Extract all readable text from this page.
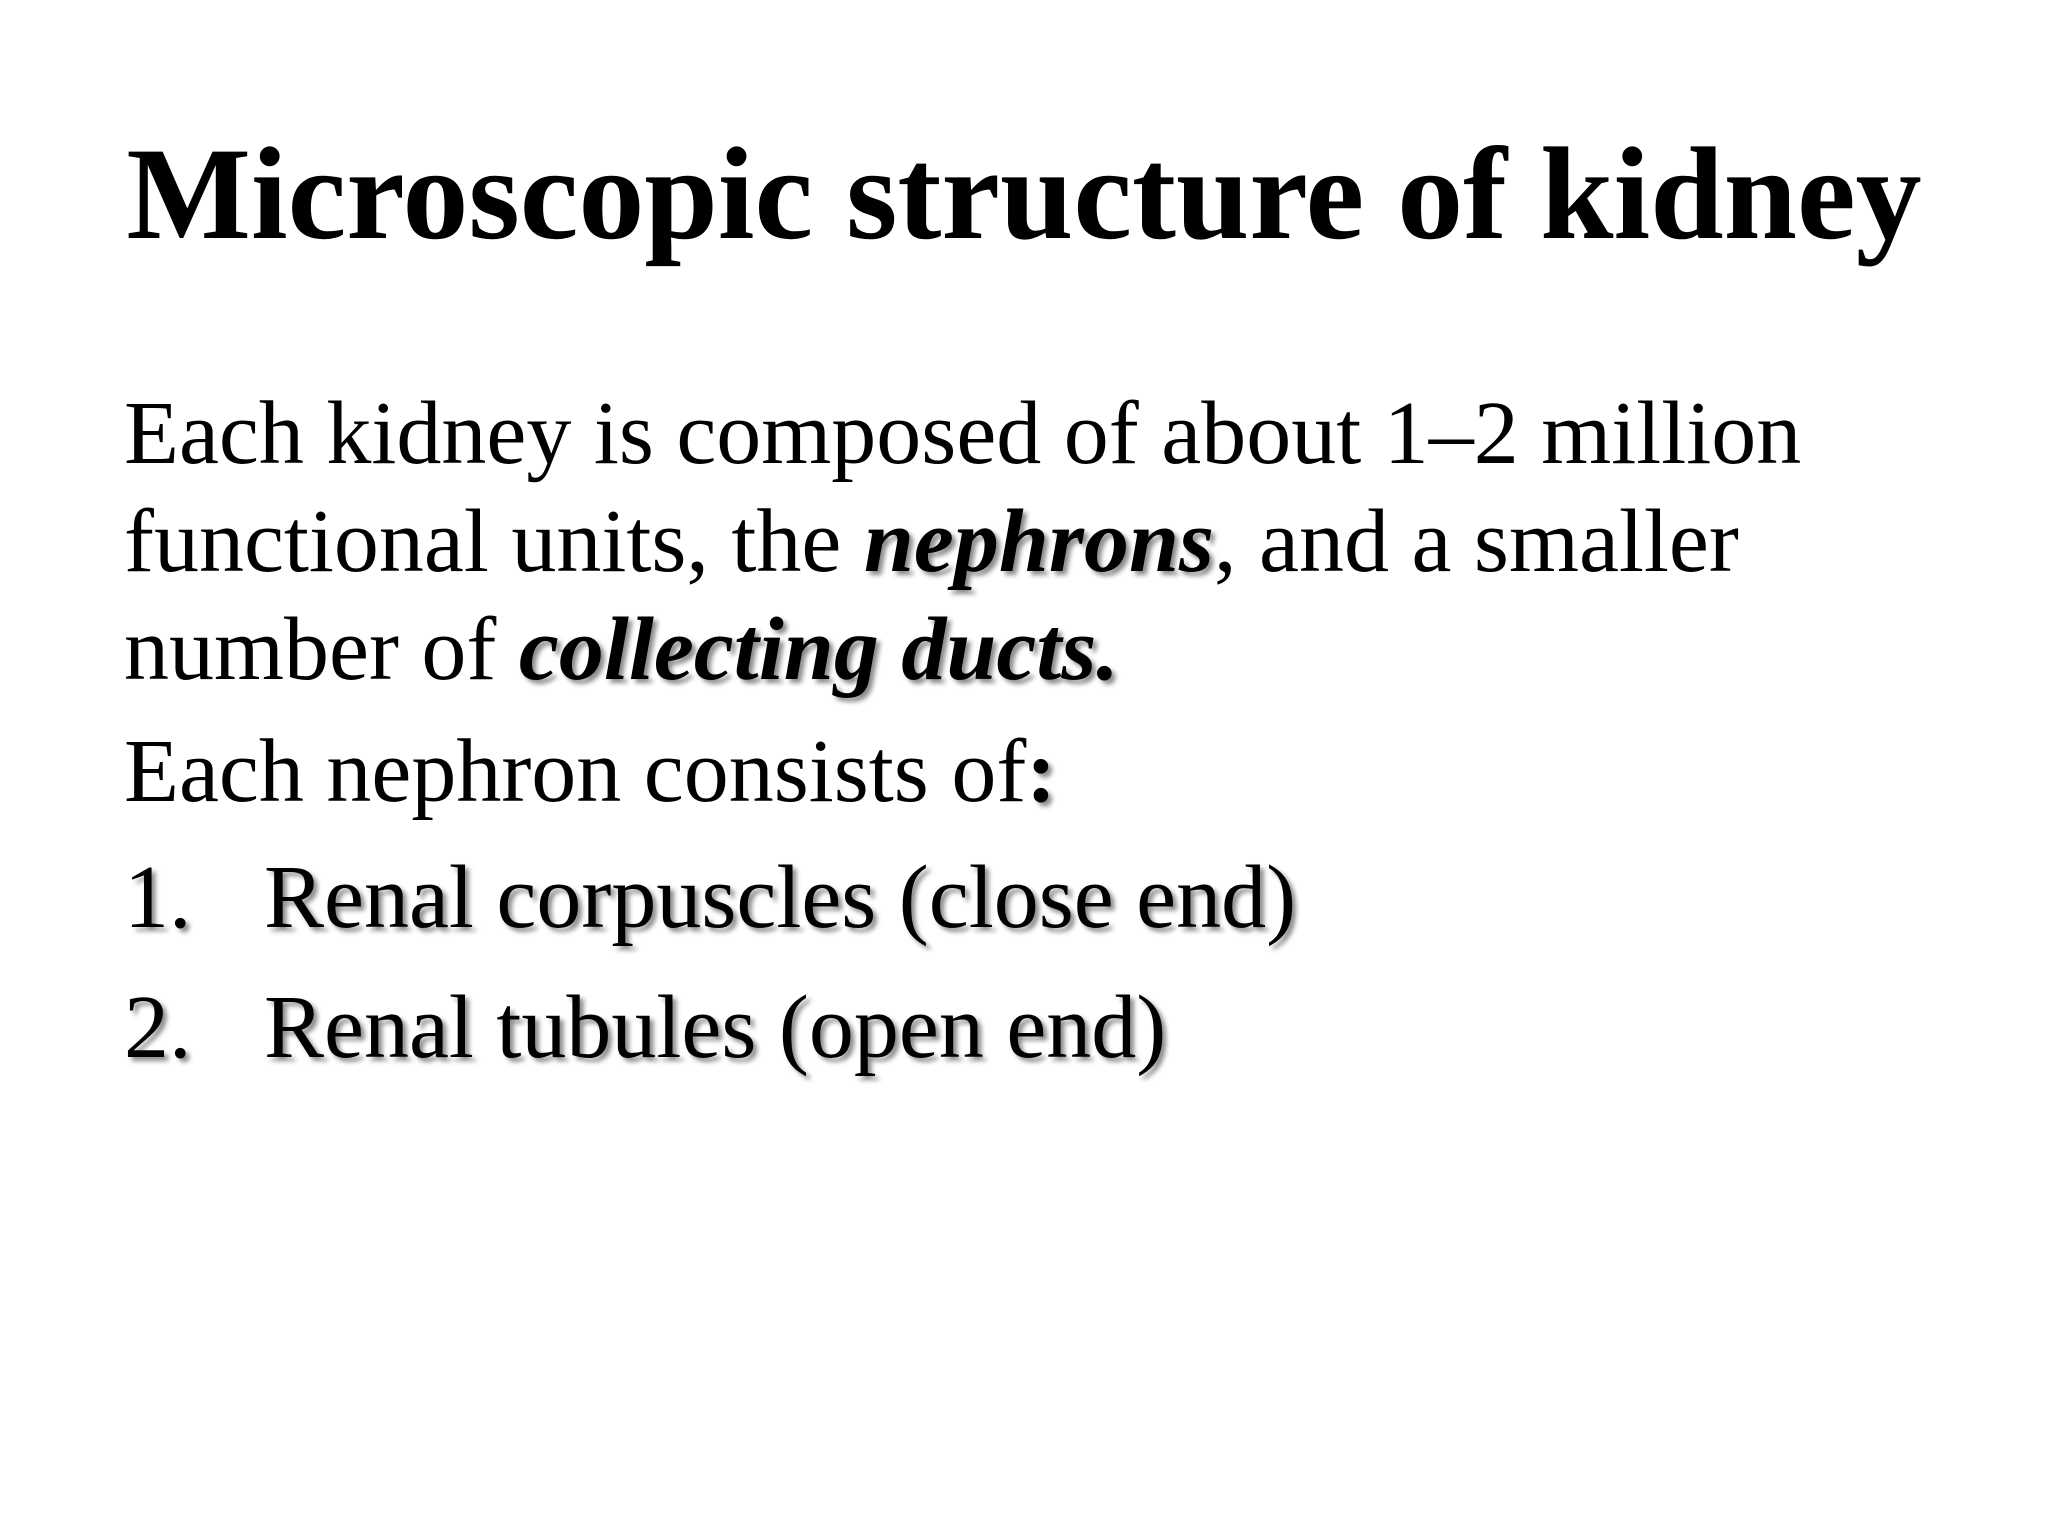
Microscopic structure of kidney

Each kidney is composed of about 1–2 million functional units, the nephrons, and a smaller number of collecting ducts.

Each nephron consists of:

1. Renal corpuscles (close end)
2. Renal tubules (open end)
